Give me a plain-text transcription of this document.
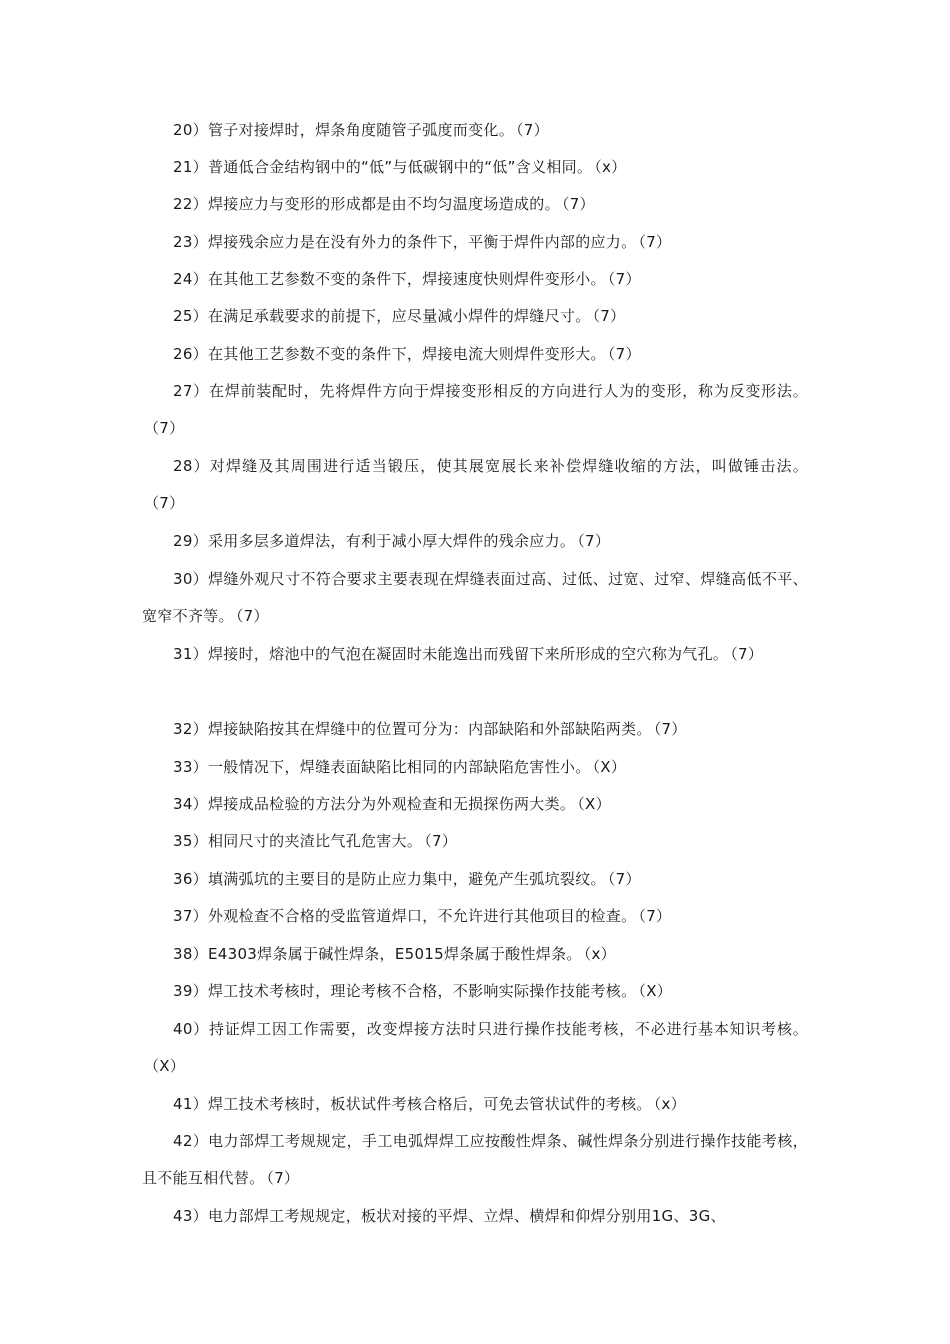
20）管子对接焊时，焊条角度随管子弧度而变化。 （7）

21）普通低合金结构钢中的“低”与低碳钢中的“低”含义相同。 （x）

22）焊接应力与变形的形成都是由不均匀温度场造成的。 （7）

23）焊接残余应力是在没有外力的条件下，平衡于焊件内部的应力。 （7）

24）在其他工艺参数不变的条件下，焊接速度快则焊件变形小。 （7）

25）在满足承载要求的前提下，应尽量减小焊件的焊缝尺寸。 （7）

26）在其他工艺参数不变的条件下，焊接电流大则焊件变形大。 （7）

27）在焊前装配时，先将焊件方向于焊接变形相反的方向进行人为的变形，称为反变形法。（7）

28）对焊缝及其周围进行适当锻压，使其展宽展长来补偿焊缝收缩的方法，叫做锤击法。（7）

29）采用多层多道焊法，有利于减小厚大焊件的残余应力。 （7）

30）焊缝外观尺寸不符合要求主要表现在焊缝表面过高、过低、过宽、过窄、焊缝高低不平、宽窄不齐等。 （7）

31）焊接时，熔池中的气泡在凝固时未能逸出而残留下来所形成的空穴称为气孔。 （7）

32）焊接缺陷按其在焊缝中的位置可分为：内部缺陷和外部缺陷两类。 （7）

33）一般情况下，焊缝表面缺陷比相同的内部缺陷危害性小。 （X）

34）焊接成品检验的方法分为外观检查和无损探伤两大类。 （X）

35）相同尺寸的夹渣比气孔危害大。 （7）

36）填满弧坑的主要目的是防止应力集中，避免产生弧坑裂纹。 （7）

37）外观检查不合格的受监管道焊口，不允许进行其他项目的检查。 （7）

38）E4303焊条属于碱性焊条，E5015焊条属于酸性焊条。 （x）

39）焊工技术考核时，理论考核不合格，不影响实际操作技能考核。 （X）

40）持证焊工因工作需要，改变焊接方法时只进行操作技能考核，不必进行基本知识考核。（X）

41）焊工技术考核时，板状试件考核合格后，可免去管状试件的考核。 （x）

42）电力部焊工考规规定，手工电弧焊焊工应按酸性焊条、碱性焊条分别进行操作技能考核，且不能互相代替。 （7）

43）电力部焊工考规规定，板状对接的平焊、立焊、横焊和仰焊分别用1G、3G、
